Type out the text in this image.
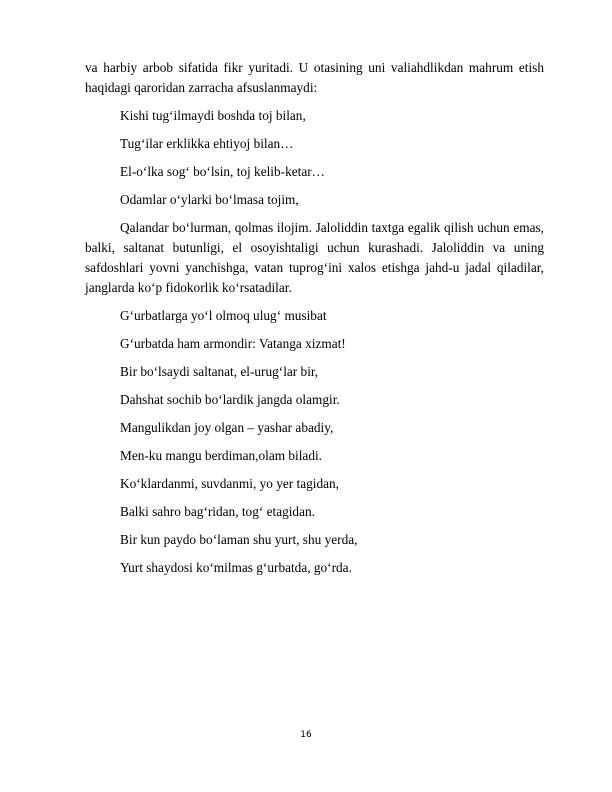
va harbiy arbob sifatida fikr yuritadi. U otasining uni valiahdlikdan mahrum etish haqidagi qaroridan zarracha afsuslanmaydi:

Kishi tug‘ilmaydi boshda toj bilan,

Tug‘ilar erklikka ehtiyoj bilan…

El-o‘lka sog‘ bo‘lsin, toj kelib-ketar…

Odamlar o‘ylarki bo‘lmasa tojim,

Qalandar bo‘lurman, qolmas ilojim. Jaloliddin taxtga egalik qilish uchun emas, balki, saltanat butunligi, el osoyishtaligi uchun kurashadi. Jaloliddin va uning safdoshlari yovni yanchishga, vatan tuprog‘ini xalos etishga jahd-u jadal qiladilar, janglarda ko‘p fidokorlik ko‘rsatadilar.

G‘urbatlarga yo‘l olmoq ulug‘ musibat

G‘urbatda ham armondir: Vatanga xizmat!

Bir bo‘lsaydi saltanat, el-urug‘lar bir,

Dahshat sochib bo‘lardik jangda olamgir.

Mangulikdan joy olgan – yashar abadiy,

Men-ku mangu berdiman,olam biladi.

Ko‘klardanmi, suvdanmi, yo yer tagidan,

Balki sahro bag‘ridan, tog‘ etagidan.

Bir kun paydo bo‘laman shu yurt, shu yerda,

Yurt shaydosi ko‘milmas g‘urbatda, go‘rda.

16
